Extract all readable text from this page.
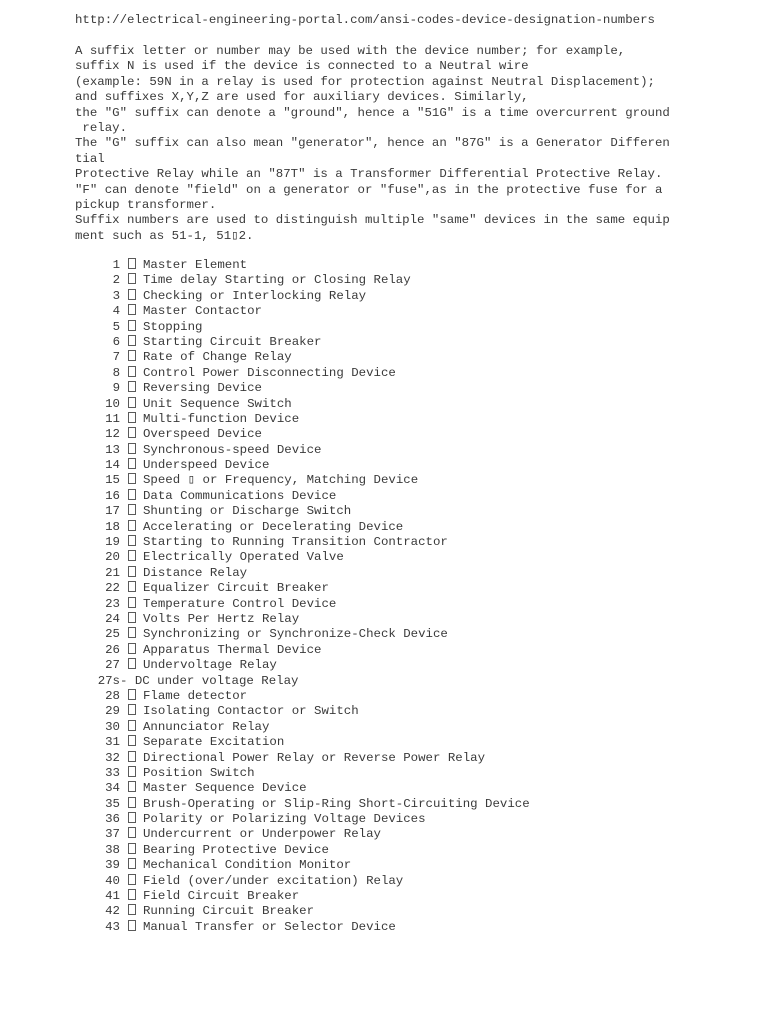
http://electrical-engineering-portal.com/ansi-codes-device-designation-numbers
A suffix letter or number may be used with the device number; for example,
suffix N is used if the device is connected to a Neutral wire
(example: 59N in a relay is used for protection against Neutral Displacement);
and suffixes X,Y,Z are used for auxiliary devices. Similarly,
the "G" suffix can denote a "ground", hence a "51G" is a time overcurrent ground
relay.
The "G" suffix can also mean "generator", hence an "87G" is a Generator Differen
tial
Protective Relay while an "87T" is a Transformer Differential Protective Relay.
"F" can denote "field" on a generator or "fuse",as in the protective fuse for a
pickup transformer.
Suffix numbers are used to distinguish multiple "same" devices in the same equip
ment such as 51-1, 51▯2.
1 Master Element
2 Time delay Starting or Closing Relay
3 Checking or Interlocking Relay
4 Master Contactor
5 Stopping
6 Starting Circuit Breaker
7 Rate of Change Relay
8 Control Power Disconnecting Device
9 Reversing Device
10 Unit Sequence Switch
11 Multi-function Device
12 Overspeed Device
13 Synchronous-speed Device
14 Underspeed Device
15 Speed ▯ or Frequency, Matching Device
16 Data Communications Device
17 Shunting or Discharge Switch
18 Accelerating or Decelerating Device
19 Starting to Running Transition Contractor
20 Electrically Operated Valve
21 Distance Relay
22 Equalizer Circuit Breaker
23 Temperature Control Device
24 Volts Per Hertz Relay
25 Synchronizing or Synchronize-Check Device
26 Apparatus Thermal Device
27 Undervoltage Relay
27s- DC under voltage Relay
28 Flame detector
29 Isolating Contactor or Switch
30 Annunciator Relay
31 Separate Excitation
32 Directional Power Relay or Reverse Power Relay
33 Position Switch
34 Master Sequence Device
35 Brush-Operating or Slip-Ring Short-Circuiting Device
36 Polarity or Polarizing Voltage Devices
37 Undercurrent or Underpower Relay
38 Bearing Protective Device
39 Mechanical Condition Monitor
40 Field (over/under excitation) Relay
41 Field Circuit Breaker
42 Running Circuit Breaker
43 Manual Transfer or Selector Device
